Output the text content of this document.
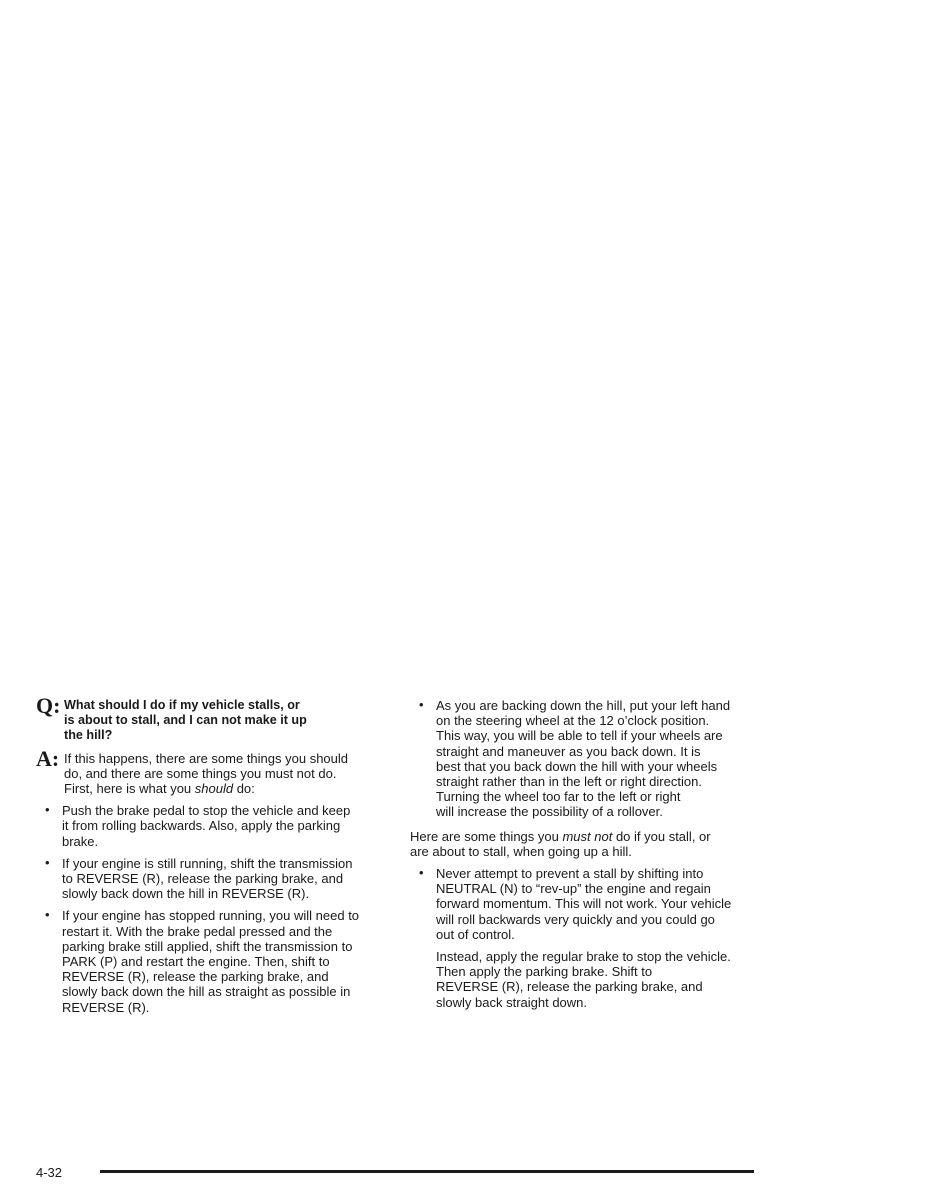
Q: What should I do if my vehicle stalls, or
is about to stall, and I can not make it up
the hill?
A: If this happens, there are some things you should
do, and there are some things you must not do.
First, here is what you should do:
• Push the brake pedal to stop the vehicle and keep
it from rolling backwards. Also, apply the parking
brake.
• If your engine is still running, shift the transmission
to REVERSE (R), release the parking brake, and
slowly back down the hill in REVERSE (R).
• If your engine has stopped running, you will need to
restart it. With the brake pedal pressed and the
parking brake still applied, shift the transmission to
PARK (P) and restart the engine. Then, shift to
REVERSE (R), release the parking brake, and
slowly back down the hill as straight as possible in
REVERSE (R).
• As you are backing down the hill, put your left hand
on the steering wheel at the 12 o’clock position.
This way, you will be able to tell if your wheels are
straight and maneuver as you back down. It is
best that you back down the hill with your wheels
straight rather than in the left or right direction.
Turning the wheel too far to the left or right
will increase the possibility of a rollover.
Here are some things you must not do if you stall, or
are about to stall, when going up a hill.
• Never attempt to prevent a stall by shifting into
NEUTRAL (N) to “rev-up” the engine and regain
forward momentum. This will not work. Your vehicle
will roll backwards very quickly and you could go
out of control.
Instead, apply the regular brake to stop the vehicle.
Then apply the parking brake. Shift to
REVERSE (R), release the parking brake, and
slowly back straight down.
4-32
